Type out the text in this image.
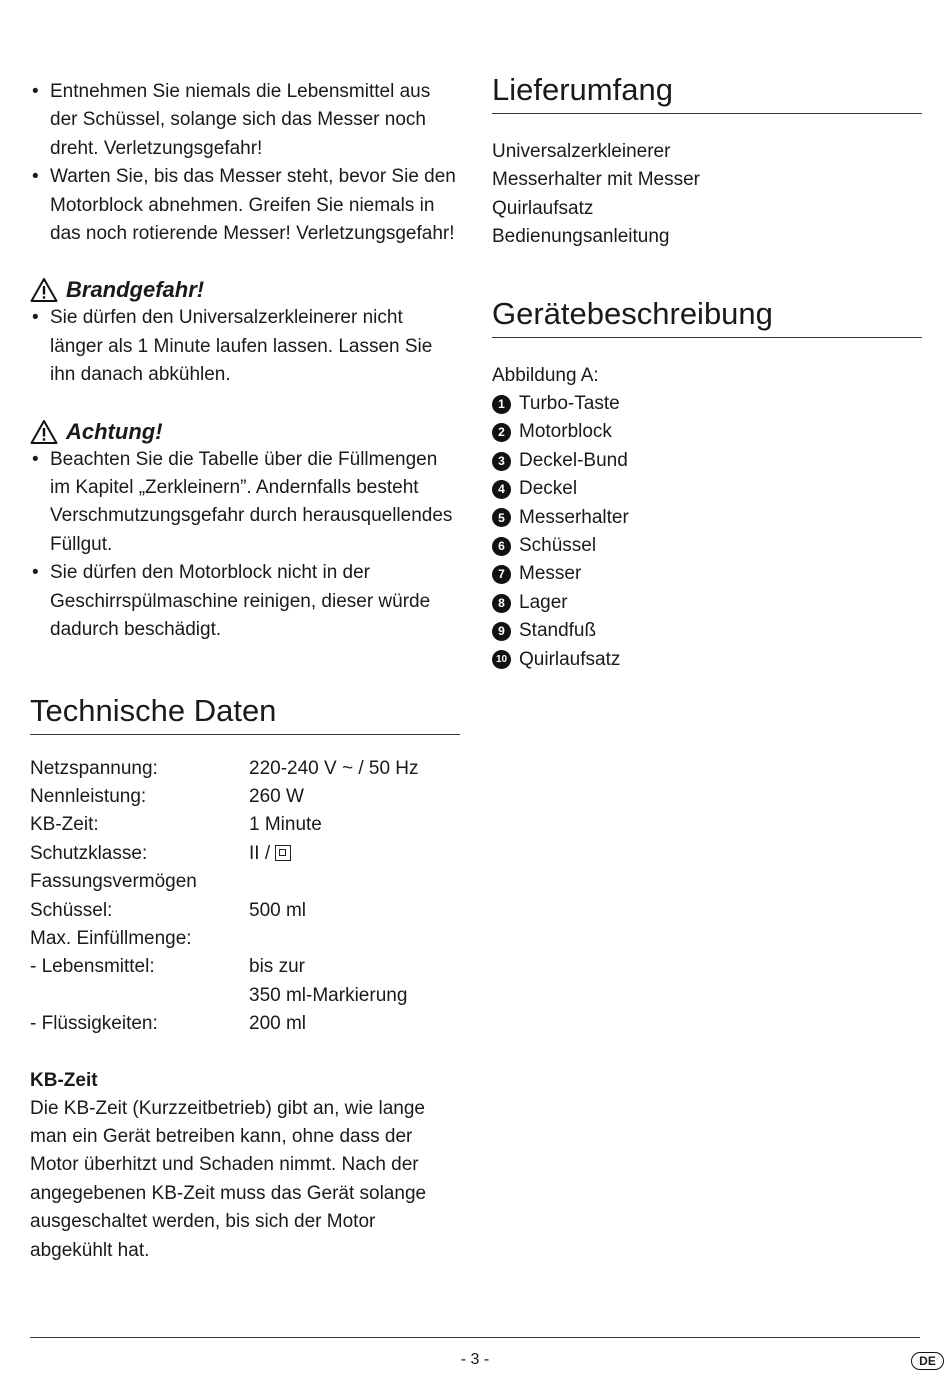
• Entnehmen Sie niemals die Lebensmittel aus der Schüssel, solange sich das Messer noch dreht. Verletzungsgefahr!
• Warten Sie, bis das Messer steht, bevor Sie den Motorblock abnehmen. Greifen Sie niemals in das noch rotierende Messer! Verletzungsgefahr!
Brandgefahr!
• Sie dürfen den Universalzerkleinerer nicht länger als 1 Minute laufen lassen. Lassen Sie ihn danach abkühlen.
Achtung!
• Beachten Sie die Tabelle über die Füllmengen im Kapitel „Zerkleinern”. Andernfalls besteht Verschmutzungsgefahr durch herausquellendes Füllgut.
• Sie dürfen den Motorblock nicht in der Geschirrspülmaschine reinigen, dieser würde dadurch beschädigt.
Technische Daten
Netzspannung:	220-240 V ~ / 50 Hz
Nennleistung:	260 W
KB-Zeit:	1 Minute
Schutzklasse:	II /
Fassungsvermögen	
Schüssel:	500 ml
Max. Einfüllmenge:	
- Lebensmittel:	bis zur
	350 ml-Markierung
- Flüssigkeiten:	200 ml
KB-Zeit
Die KB-Zeit (Kurzzeitbetrieb) gibt an, wie lange man ein Gerät betreiben kann, ohne dass der Motor überhitzt und Schaden nimmt. Nach der angegebenen KB-Zeit muss das Gerät solange ausgeschaltet werden, bis sich der Motor abgekühlt hat.
Lieferumfang
Universalzerkleinerer
Messerhalter mit Messer
Quirlaufsatz
Bedienungsanleitung
Gerätebeschreibung
Abbildung A:
1 Turbo-Taste
2 Motorblock
3 Deckel-Bund
4 Deckel
5 Messerhalter
6 Schüssel
7 Messer
8 Lager
9 Standfuß
10 Quirlaufsatz
- 3 -	DE
